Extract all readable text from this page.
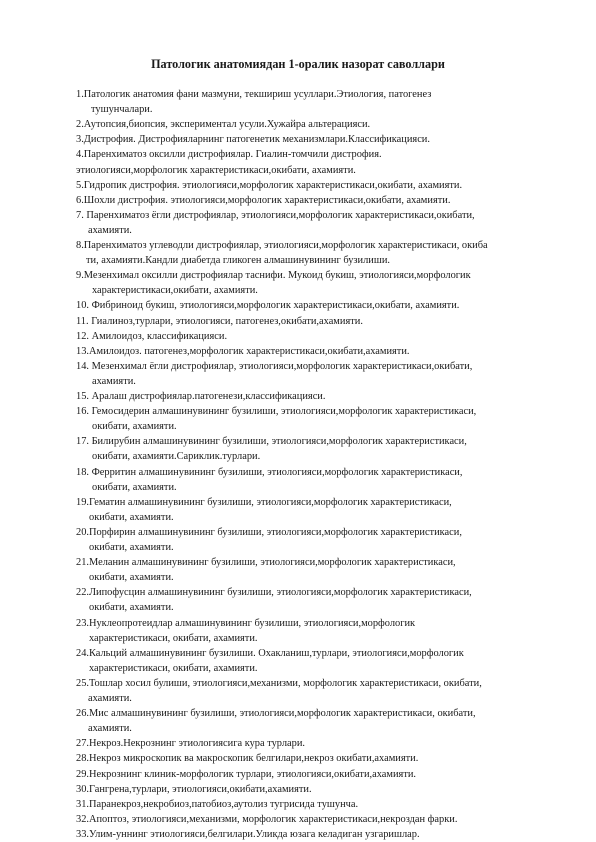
Патологик анатомиядан 1-оралик назорат саволлари
1.Патологик анатомия фани мазмуни, текшириш усуллари.Этиология, патогенез
тушунчалари.
2.Аутопсия,биопсия, экспериментал усули.Хужайра альтерацияси.
3.Дистрофия. Дистрофияларнинг патогенетик механизмлари.Классификацияси.
4.Паренхиматоз оксилли дистрофиялар. Гиалин-томчили дистрофия.
этиологияси,морфологик характеристикаси,окибати, ахамияти.
5.Гидропик дистрофия. этиологияси,морфологик характеристикаси,окибати, ахамияти.
6.Шохли дистрофия. этиологияси,морфологик характеристикаси,окибати, ахамияти.
7. Паренхиматоз ёгли дистрофиялар, этиологияси,морфологик характеристикаси,окибати,
ахамияти.
8.Паренхиматоз углеводли дистрофиялар, этиологияси,морфологик характеристикаси, окиба
ти, ахамияти.Кандли диабетда гликоген алмашинувининг бузилиши.
9.Мезенхимал оксилли дистрофиялар таснифи. Мукоид букиш, этиологияси,морфологик
характеристикаси,окибати, ахамияти.
10. Фибриноид букиш, этиологияси,морфологик характеристикаси,окибати, ахамияти.
11. Гиалиноз,турлари, этиологияси, патогенез,окибати,ахамияти.
12. Амилоидоз, классификацияси.
13.Амилоидоз. патогенез,морфологик характеристикаси,окибати,ахамияти.
14. Мезенхимал ёгли дистрофиялар, этиологияси,морфологик характеристикаси,окибати,
ахамияти.
15. Аралаш дистрофиялар.патогенези,классификацияси.
16. Гемосидерин алмашинувининг бузилиши, этиологияси,морфологик характеристикаси,
окибати, ахамияти.
17. Билирубин алмашинувининг бузилиши, этиологияси,морфологик характеристикаси,
окибати, ахамияти.Сариклик.турлари.
18. Ферритин алмашинувининг бузилиши, этиологияси,морфологик характеристикаси,
окибати, ахамияти.
19.Гематин алмашинувининг бузилиши, этиологияси,морфологик характеристикаси,
окибати, ахамияти.
20.Порфирин алмашинувининг бузилиши, этиологияси,морфологик характеристикаси,
окибати, ахамияти.
21.Меланин алмашинувининг бузилиши, этиологияси,морфологик характеристикаси,
окибати, ахамияти.
22.Липофусцин алмашинувининг бузилиши, этиологияси,морфологик характеристикаси,
окибати, ахамияти.
23.Нуклеопротеидлар алмашинувининг бузилиши, этиологияси,морфологик
характеристикаси, окибати, ахамияти.
24.Кальций алмашинувининг бузилиши. Охакланиш,турлари, этиологияси,морфологик
характеристикаси, окибати, ахамияти.
25.Тошлар хосил булиши, этиологияси,механизми, морфологик характеристикаси, окибати,
ахамияти.
26.Мис алмашинувининг бузилиши, этиологияси,морфологик характеристикаси, окибати,
ахамияти.
27.Некроз.Некрознинг этиологиясига кура турлари.
28.Некроз микроскопик ва макроскопик белгилари,некроз окибати,ахамияти.
29.Некрознинг клиник-морфологик турлари, этиологияси,окибати,ахамияти.
30.Гангрена,турлари, этиологияси,окибати,ахамияти.
31.Паранекроз,некробиоз,патобиоз,аутолиз тугрисида тушунча.
32.Апоптоз, этиологияси,механизми, морфологик характеристикаси,некроздан фарки.
33.Улим-уннинг этиологияси,белгилари.Уликда юзага келадиган узгаришлар.
